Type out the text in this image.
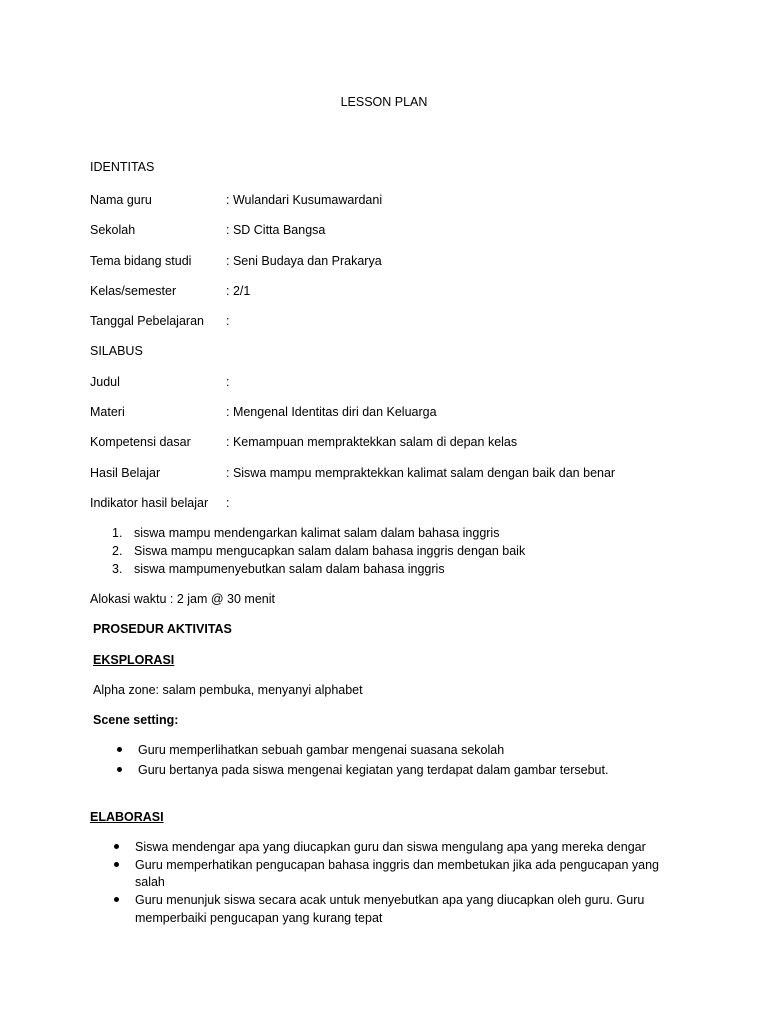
LESSON PLAN
IDENTITAS
Nama guru	: Wulandari Kusumawardani
Sekolah	: SD Citta Bangsa
Tema bidang studi	: Seni Budaya dan Prakarya
Kelas/semester	: 2/1
Tanggal Pebelajaran :
SILABUS
Judul	:
Materi	: Mengenal Identitas diri dan Keluarga
Kompetensi dasar	: Kemampuan mempraktekkan salam di depan kelas
Hasil Belajar	: Siswa mampu mempraktekkan kalimat salam dengan baik dan benar
Indikator hasil belajar :
1. siswa mampu mendengarkan kalimat salam dalam bahasa inggris
2. Siswa mampu mengucapkan salam dalam bahasa inggris dengan baik
3. siswa mampumenyebutkan salam dalam bahasa inggris
Alokasi waktu : 2 jam @ 30 menit
PROSEDUR AKTIVITAS
EKSPLORASI
Alpha zone: salam pembuka, menyanyi alphabet
Scene setting:
Guru memperlihatkan sebuah gambar mengenai suasana sekolah
Guru bertanya pada siswa mengenai kegiatan yang terdapat dalam gambar tersebut.
ELABORASI
Siswa mendengar apa yang diucapkan guru dan siswa mengulang apa yang mereka dengar
Guru memperhatikan pengucapan bahasa inggris dan membetukan jika ada pengucapan yang
salah
Guru menunjuk siswa secara acak untuk menyebutkan apa yang diucapkan oleh guru. Guru
memperbaiki pengucapan yang kurang tepat
